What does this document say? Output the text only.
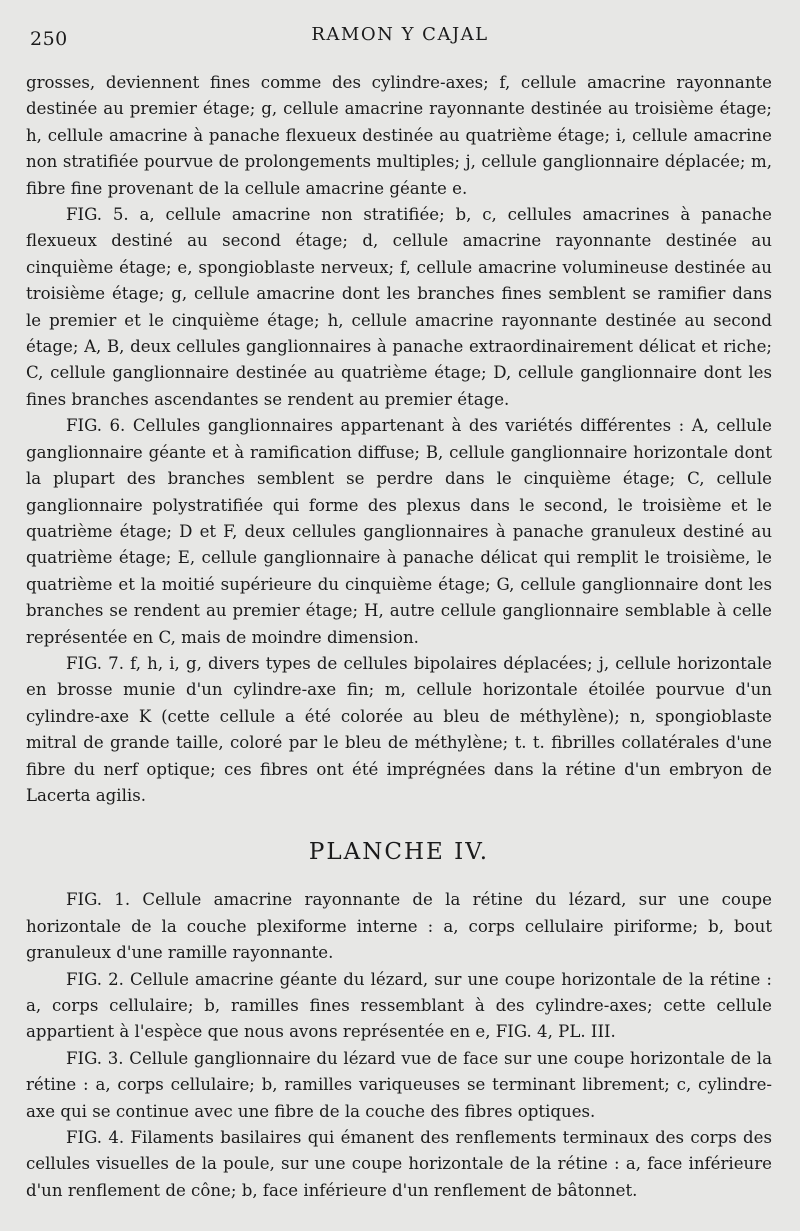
250	RAMON Y CAJAL

grosses, deviennent fines comme des cylindre-axes; f, cellule amacrine rayonnante destinée au premier étage; g, cellule amacrine rayonnante destinée au troisième étage; h, cellule amacrine à panache flexueux destinée au quatrième étage; i, cellule amacrine non stratifiée pourvue de prolongements multiples; j, cellule ganglionnaire déplacée; m, fibre fine provenant de la cellule amacrine géante e.

FIG. 5. a, cellule amacrine non stratifiée; b, c, cellules amacrines à panache flexueux destiné au second étage; d, cellule amacrine rayonnante destinée au cinquième étage; e, spongioblaste nerveux; f, cellule amacrine volumineuse destinée au troisième étage; g, cellule amacrine dont les branches fines semblent se ramifier dans le premier et le cinquième étage; h, cellule amacrine rayonnante destinée au second étage; A, B, deux cellules ganglionnaires à panache extraordinairement délicat et riche; C, cellule ganglionnaire destinée au quatrième étage; D, cellule ganglionnaire dont les fines branches ascendantes se rendent au premier étage.

FIG. 6. Cellules ganglionnaires appartenant à des variétés différentes : A, cellule ganglionnaire géante et à ramification diffuse; B, cellule ganglionnaire horizontale dont la plupart des branches semblent se perdre dans le cinquième étage; C, cellule ganglionnaire polystratifiée qui forme des plexus dans le second, le troisième et le quatrième étage; D et F, deux cellules ganglionnaires à panache granuleux destiné au quatrième étage; E, cellule ganglionnaire à panache délicat qui remplit le troisième, le quatrième et la moitié supérieure du cinquième étage; G, cellule ganglionnaire dont les branches se rendent au premier étage; H, autre cellule ganglionnaire semblable à celle représentée en C, mais de moindre dimension.

FIG. 7. f, h, i, g, divers types de cellules bipolaires déplacées; j, cellule horizontale en brosse munie d'un cylindre-axe fin; m, cellule horizontale étoilée pourvue d'un cylindre-axe K (cette cellule a été colorée au bleu de méthylène); n, spongioblaste mitral de grande taille, coloré par le bleu de méthylène; t. t. fibrilles collatérales d'une fibre du nerf optique; ces fibres ont été imprégnées dans la rétine d'un embryon de Lacerta agilis.

PLANCHE IV.

FIG. 1. Cellule amacrine rayonnante de la rétine du lézard, sur une coupe horizontale de la couche plexiforme interne : a, corps cellulaire piriforme; b, bout granuleux d'une ramille rayonnante.

FIG. 2. Cellule amacrine géante du lézard, sur une coupe horizontale de la rétine : a, corps cellulaire; b, ramilles fines ressemblant à des cylindre-axes; cette cellule appartient à l'espèce que nous avons représentée en e, FIG. 4, PL. III.

FIG. 3. Cellule ganglionnaire du lézard vue de face sur une coupe horizontale de la rétine : a, corps cellulaire; b, ramilles variqueuses se terminant librement; c, cylindre-axe qui se continue avec une fibre de la couche des fibres optiques.

FIG. 4. Filaments basilaires qui émanent des renflements terminaux des corps des cellules visuelles de la poule, sur une coupe horizontale de la rétine : a, face inférieure d'un renflement de cône; b, face inférieure d'un renflement de bâtonnet.
